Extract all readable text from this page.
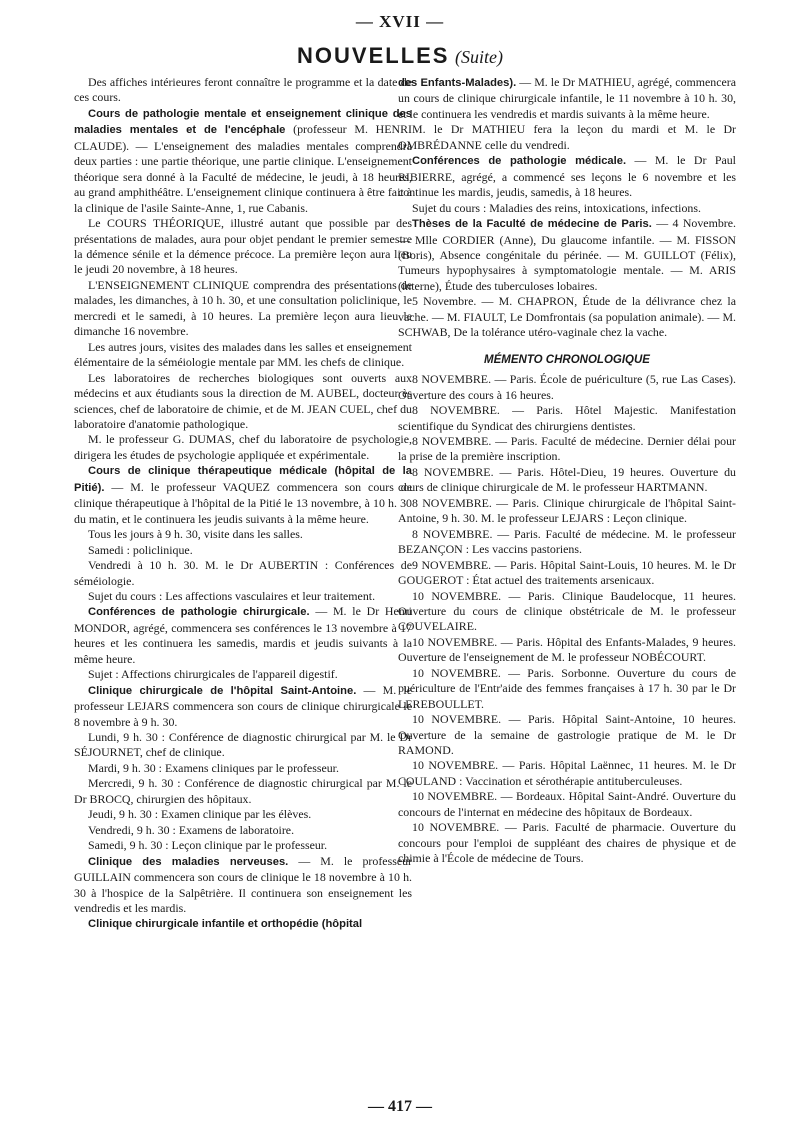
— XVII —
NOUVELLES (Suite)

Des affiches intérieures feront connaître le programme et la date de ces cours.

Cours de pathologie mentale et enseignement clinique des maladies mentales et de l'encéphale (professeur M. HENRI CLAUDE). — L'enseignement des maladies mentales comprendra deux parties : une partie théorique, une partie clinique. L'enseignement théorique sera donné à la Faculté de médecine, le jeudi, à 18 heures, au grand amphithéâtre. L'enseignement clinique continuera à être fait à la clinique de l'asile Sainte-Anne, 1, rue Cabanis.

Le COURS THÉORIQUE, illustré autant que possible par des présentations de malades, aura pour objet pendant le premier semestre la démence sénile et la démence précoce. La première leçon aura lieu le jeudi 20 novembre, à 18 heures.

L'ENSEIGNEMENT CLINIQUE comprendra des présentations de malades, les dimanches, à 10 h. 30, et une consultation policlinique, le mercredi et le samedi, à 10 heures. La première leçon aura lieu le dimanche 16 novembre.

Les autres jours, visites des malades dans les salles et enseignement élémentaire de la séméiologie mentale par MM. les chefs de clinique.

Les laboratoires de recherches biologiques sont ouverts aux médecins et aux étudiants sous la direction de M. AUBEL, docteur ès sciences, chef de laboratoire de chimie, et de M. JEAN CUEL, chef du laboratoire d'anatomie pathologique.

M. le professeur G. DUMAS, chef du laboratoire de psychologie, dirigera les études de psychologie appliquée et expérimentale.

Cours de clinique thérapeutique médicale (hôpital de la Pitié). — M. le professeur VAQUEZ commencera son cours de clinique thérapeutique à l'hôpital de la Pitié le 13 novembre, à 10 h. 30 du matin, et le continuera les jeudis suivants à la même heure.

Tous les jours à 9 h. 30, visite dans les salles.

Samedi : policlinique.

Vendredi à 10 h. 30. M. le Dr AUBERTIN : Conférences de séméiologie.

Sujet du cours : Les affections vasculaires et leur traitement.

Conférences de pathologie chirurgicale. — M. le Dr Henri MONDOR, agrégé, commencera ses conférences le 13 novembre à 17 heures et les continuera les samedis, mardis et jeudis suivants à la même heure.

Sujet : Affections chirurgicales de l'appareil digestif.

Clinique chirurgicale de l'hôpital Saint-Antoine. — M. le professeur LEJARS commencera son cours de clinique chirurgicale le 8 novembre à 9 h. 30.

Lundi, 9 h. 30 : Conférence de diagnostic chirurgical par M. le Dr SÉJOURNET, chef de clinique.

Mardi, 9 h. 30 : Examens cliniques par le professeur.

Mercredi, 9 h. 30 : Conférence de diagnostic chirurgical par M. le Dr BROCQ, chirurgien des hôpitaux.

Jeudi, 9 h. 30 : Examen clinique par les élèves.

Vendredi, 9 h. 30 : Examens de laboratoire.

Samedi, 9 h. 30 : Leçon clinique par le professeur.

Clinique des maladies nerveuses. — M. le professeur GUILLAIN commencera son cours de clinique le 18 novembre à 10 h. 30 à l'hospice de la Salpêtrière. Il continuera son enseignement les vendredis et les mardis.

Clinique chirurgicale infantile et orthopédie (hôpital

des Enfants-Malades). — M. le Dr MATHIEU, agrégé, commencera un cours de clinique chirurgicale infantile, le 11 novembre à 10 h. 30, et le continuera les vendredis et mardis suivants à la même heure.

M. le Dr MATHIEU fera la leçon du mardi et M. le Dr OMBRÉDANNE celle du vendredi.

Conférences de pathologie médicale. — M. le Dr Paul RIBIERRE, agrégé, a commencé ses leçons le 6 novembre et les continue les mardis, jeudis, samedis, à 18 heures.

Sujet du cours : Maladies des reins, intoxications, infections.

Thèses de la Faculté de médecine de Paris. — 4 Novembre. — Mlle CORDIER (Anne), Du glaucome infantile. — M. FISSON (Boris), Absence congénitale du périnée. — M. GUILLOT (Félix), Tumeurs hypophysaires à symptomatologie mentale. — M. ARIS (interne), Étude des tuberculoses lobaires.

5 Novembre. — M. CHAPRON, Étude de la délivrance chez la vache. — M. FIAULT, Le Domfrontais (sa population animale). — M. SCHWAB, De la tolérance utéro-vaginale chez la vache.

MÉMENTO CHRONOLOGIQUE

8 NOVEMBRE. — Paris. École de puériculture (5, rue Las Cases). Ouverture des cours à 16 heures.

8 NOVEMBRE. — Paris. Hôtel Majestic. Manifestation scientifique du Syndicat des chirurgiens dentistes.

8 NOVEMBRE. — Paris. Faculté de médecine. Dernier délai pour la prise de la première inscription.

8 NOVEMBRE. — Paris. Hôtel-Dieu, 19 heures. Ouverture du cours de clinique chirurgicale de M. le professeur HARTMANN.

8 NOVEMBRE. — Paris. Clinique chirurgicale de l'hôpital Saint-Antoine, 9 h. 30. M. le professeur LEJARS : Leçon clinique.

8 NOVEMBRE. — Paris. Faculté de médecine. M. le professeur BEZANÇON : Les vaccins pastoriens.

9 NOVEMBRE. — Paris. Hôpital Saint-Louis, 10 heures. M. le Dr GOUGEROT : État actuel des traitements arsenicaux.

10 NOVEMBRE. — Paris. Clinique Baudelocque, 11 heures. Ouverture du cours de clinique obstétricale de M. le professeur COUVELAIRE.

10 NOVEMBRE. — Paris. Hôpital des Enfants-Malades, 9 heures. Ouverture de l'enseignement de M. le professeur NOBÉCOURT.

10 NOVEMBRE. — Paris. Sorbonne. Ouverture du cours de puériculture de l'Entr'aide des femmes françaises à 17 h. 30 par le Dr LEREBOULLET.

10 NOVEMBRE. — Paris. Hôpital Saint-Antoine, 10 heures. Ouverture de la semaine de gastrologie pratique de M. le Dr RAMOND.

10 NOVEMBRE. — Paris. Hôpital Laënnec, 11 heures. M. le Dr COULAND : Vaccination et sérothérapie antituberculeuses.

10 NOVEMBRE. — Bordeaux. Hôpital Saint-André. Ouverture du concours de l'internat en médecine des hôpitaux de Bordeaux.

10 NOVEMBRE. — Paris. Faculté de pharmacie. Ouverture du concours pour l'emploi de suppléant des chaires de physique et de chimie à l'École de médecine de Tours.

— 417 —
